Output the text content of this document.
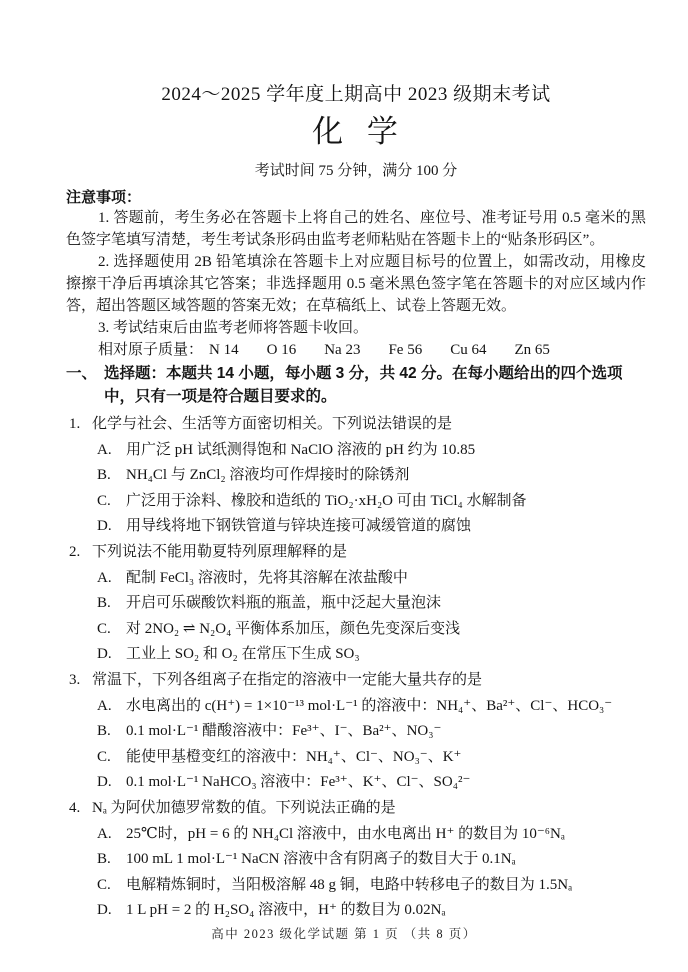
2024～2025 学年度上期高中 2023 级期末考试
化 学
考试时间 75 分钟，满分 100 分
注意事项：

1. 答题前，考生务必在答题卡上将自己的姓名、座位号、准考证号用 0.5 毫米的黑色签字笔填写清楚，考生考试条形码由监考老师粘贴在答题卡上的“贴条形码区”。

2. 选择题使用 2B 铅笔填涂在答题卡上对应题目标号的位置上，如需改动，用橡皮擦擦干净后再填涂其它答案；非选择题用 0.5 毫米黑色签字笔在答题卡的对应区域内作答，超出答题区域答题的答案无效；在草稿纸上、试卷上答题无效。

3. 考试结束后由监考老师将答题卡收回。

相对原子质量： N 14 O 16 Na 23 Fe 56 Cu 64 Zn 65
一、 选择题：本题共 14 小题，每小题 3 分，共 42 分。在每小题给出的四个选项中，只有一项是符合题目要求的。
1. 化学与社会、生活等方面密切相关。下列说法错误的是
A. 用广泛 pH 试纸测得饱和 NaClO 溶液的 pH 约为 10.85
B.	NH₄Cl 与 ZnCl₂ 溶液均可作焊接时的除锈剂
C.	广泛用于涂料、橡胶和造纸的 TiO₂·xH₂O 可由 TiCl₄ 水解制备
D. 用导线将地下钢铁管道与锌块连接可减缓管道的腐蚀
2. 下列说法不能用勒夏特列原理解释的是
A. 配制 FeCl₃ 溶液时，先将其溶解在浓盐酸中
B.	开启可乐碳酸饮料瓶的瓶盖，瓶中泛起大量泡沫
C.	对 2NO₂ ⇌ N₂O₄ 平衡体系加压，颜色先变深后变浅
D. 工业上 SO₂ 和 O₂ 在常压下生成 SO₃
3. 常温下，下列各组离子在指定的溶液中一定能大量共存的是
A. 水电离出的 c(H⁺) = 1×10⁻¹³ mol·L⁻¹ 的溶液中：NH₄⁺、Ba²⁺、Cl⁻、HCO₃⁻
B.	0.1 mol·L⁻¹ 醋酸溶液中：Fe³⁺、I⁻、Ba²⁺、NO₃⁻
C.	能使甲基橙变红的溶液中：NH₄⁺、Cl⁻、NO₃⁻、K⁺
D. 0.1 mol·L⁻¹ NaHCO₃ 溶液中：Fe³⁺、K⁺、Cl⁻、SO₄²⁻
4. Nₐ 为阿伏加德罗常数的值。下列说法正确的是
A. 25℃时，pH = 6 的 NH₄Cl 溶液中，由水电离出 H⁺ 的数目为 10⁻⁶Nₐ
B.	100 mL 1 mol·L⁻¹ NaCN 溶液中含有阴离子的数目大于 0.1Nₐ
C.	电解精炼铜时，当阳极溶解 48 g 铜，电路中转移电子的数目为 1.5Nₐ
D. 1 L pH = 2 的 H₂SO₄ 溶液中，H⁺ 的数目为 0.02Nₐ
高中 2023 级化学试题 第 1 页 （共 8 页）
